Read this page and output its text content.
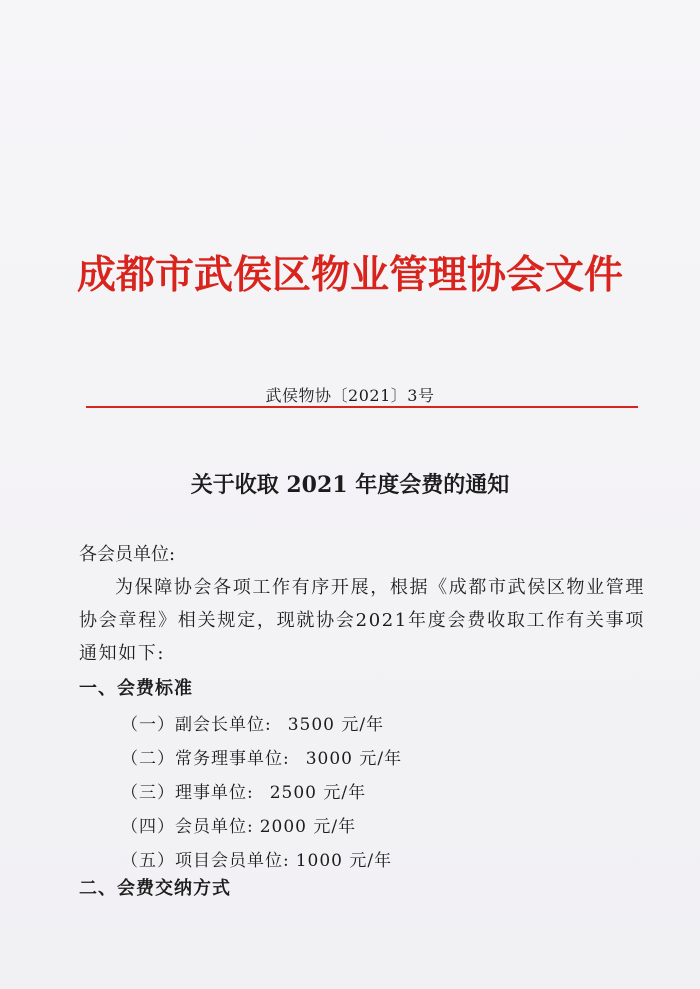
成都市武侯区物业管理协会文件
武侯物协〔2021〕3号
关于收取 2021 年度会费的通知
各会员单位:
为保障协会各项工作有序开展，根据《成都市武侯区物业管理协会章程》相关规定，现就协会2021年度会费收取工作有关事项通知如下:
一、会费标准
（一）副会长单位: 3500 元/年
（二）常务理事单位: 3000 元/年
（三）理事单位: 2500 元/年
（四）会员单位: 2000 元/年
（五）项目会员单位: 1000 元/年
二、会费交纳方式
